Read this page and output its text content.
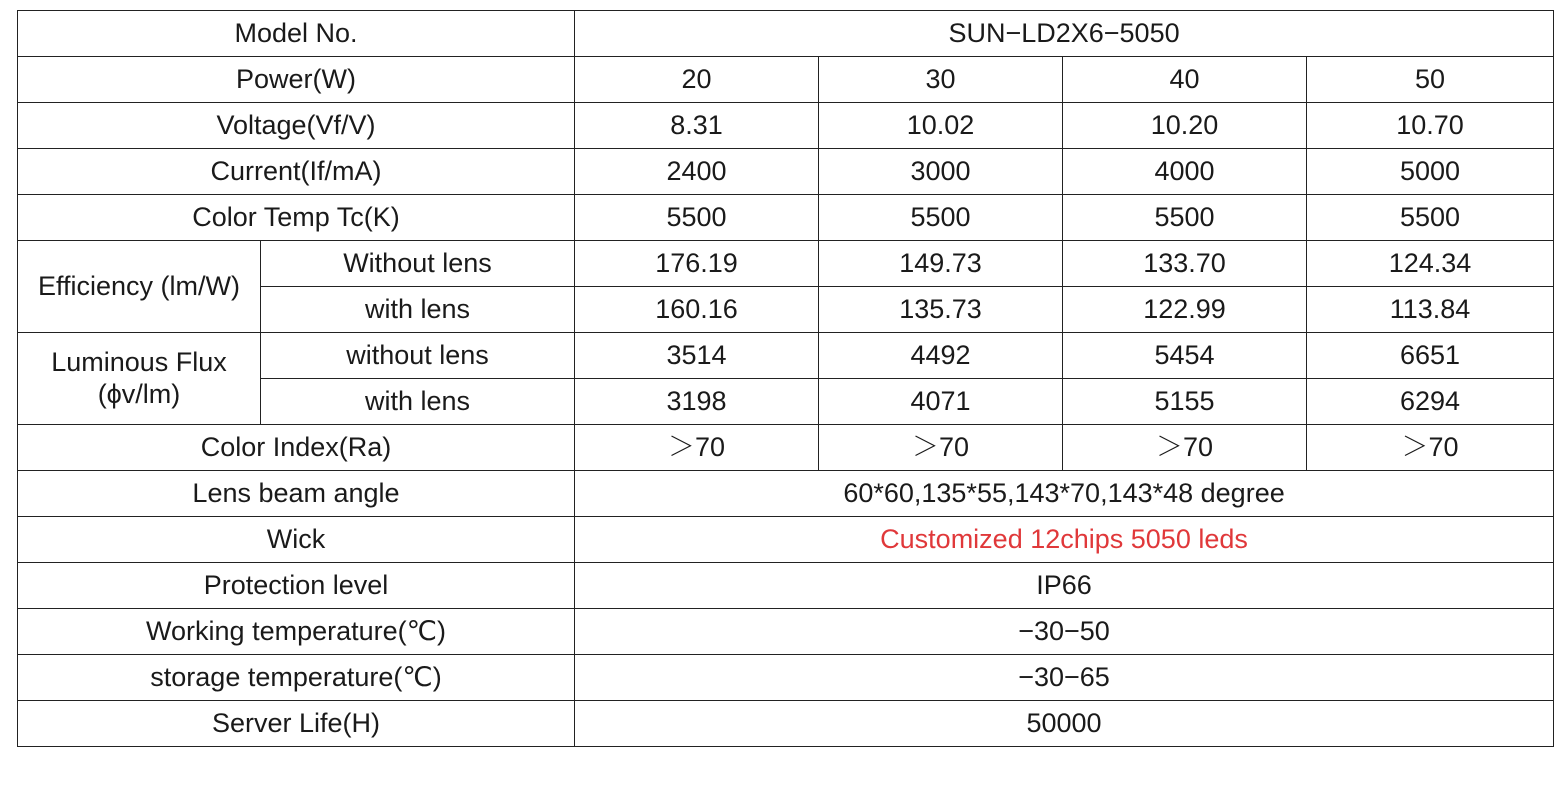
Model No.		SUN−LD2X6−5050			
Power(W)		20	30	40	50
Voltage(Vf/V)		8.31	10.02	10.20	10.70
Current(If/mA)		2400	3000	4000	5000
Color Temp Tc(K)		5500	5500	5500	5500
Efficiency (lm/W)	Without lens	176.19	149.73	133.70	124.34
	with lens	160.16	135.73	122.99	113.84

Luminous Flux
(ϕv/lm)	without lens	3514	4492	5454	6651
	with lens	3198	4071	5155	6294
Color Index(Ra)		＞70	＞70	＞70	＞70
Lens beam angle		60*60,135*55,143*70,143*48 degree			
Wick		Customized 12chips 5050 leds			
Protection level		IP66			
Working temperature(℃)		−30−50			
storage temperature(℃)		−30−65			
Server Life(H)		50000			
